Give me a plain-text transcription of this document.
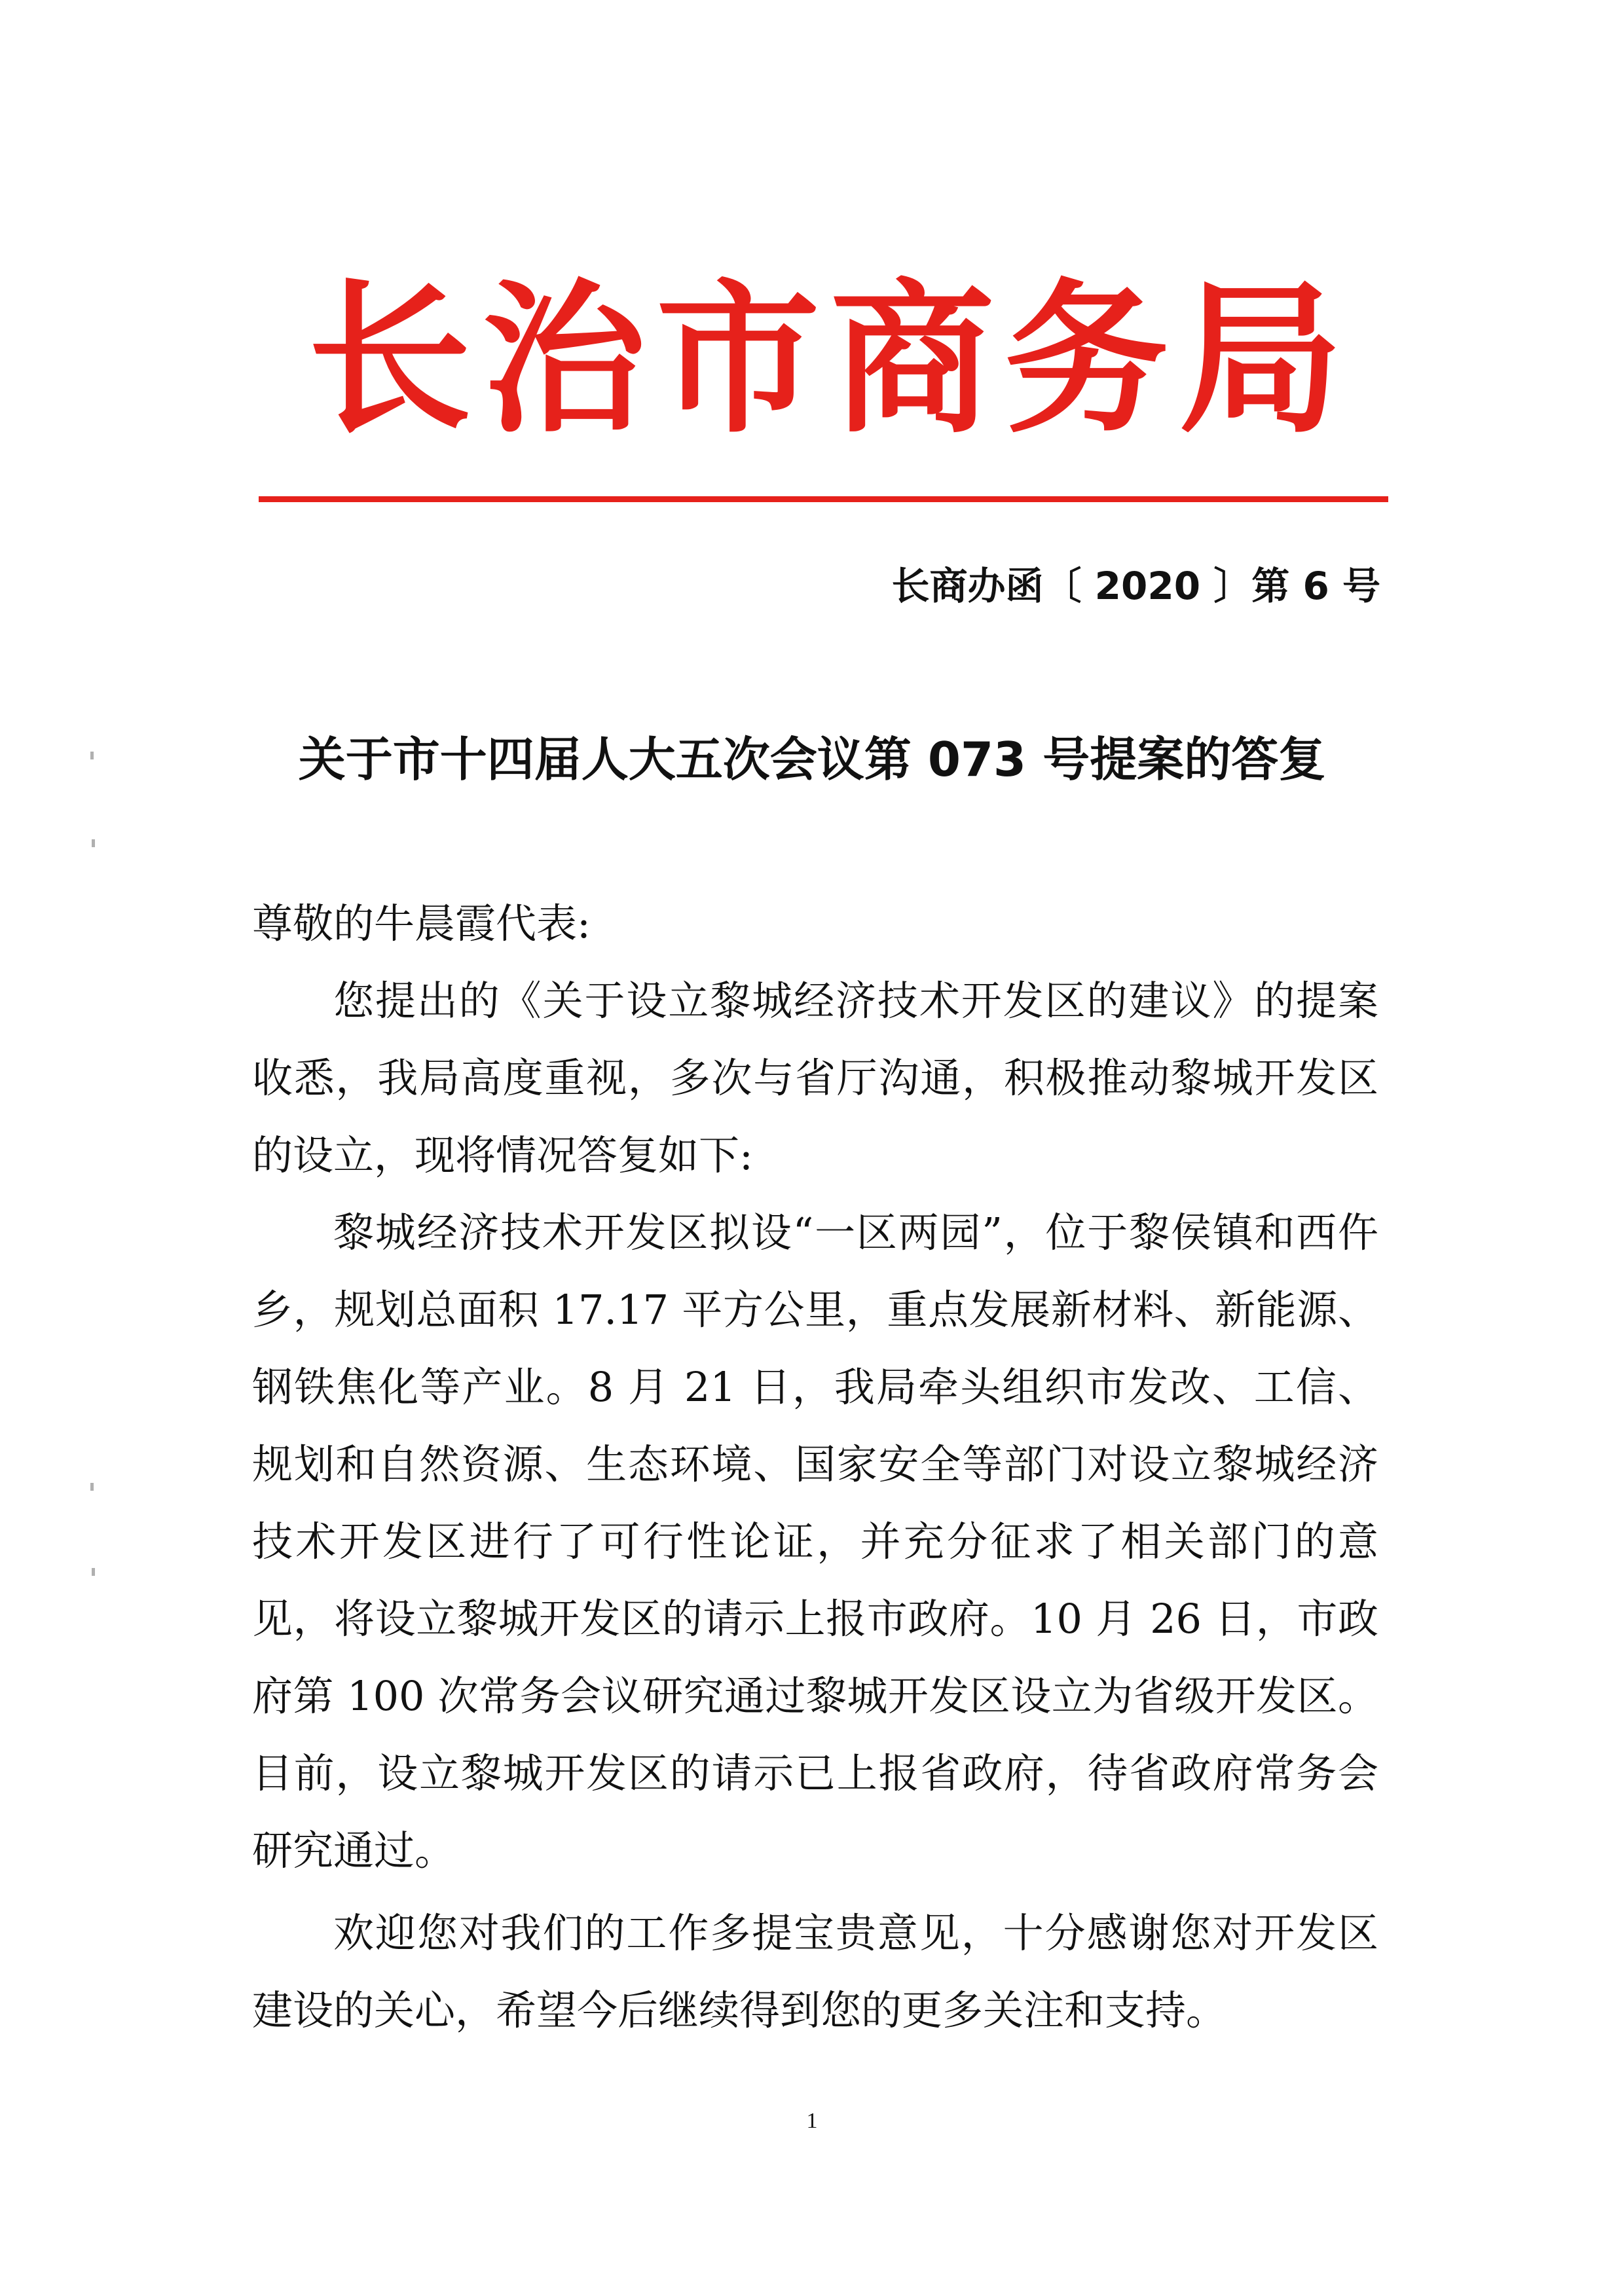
长 治 市 商 务 局
长商办函〔 2020 〕第 6 号
关于市十四届人大五次会议第 073 号提案的答复

尊敬的牛晨霞代表:

您提出的《关于设立黎城经济技术开发区的建议》的提案收悉，我局高度重视，多次与省厅沟通，积极推动黎城开发区的设立，现将情况答复如下:

黎城经济技术开发区拟设“一区两园”，位于黎侯镇和西仵乡，规划总面积 17.17 平方公里，重点发展新材料、新能源、钢铁焦化等产业。8 月 21 日，我局牵头组织市发改、工信、规划和自然资源、生态环境、国家安全等部门对设立黎城经济技术开发区进行了可行性论证，并充分征求了相关部门的意见，将设立黎城开发区的请示上报市政府。10 月 26 日，市政府第 100 次常务会议研究通过黎城开发区设立为省级开发区。目前，设立黎城开发区的请示已上报省政府，待省政府常务会研究通过。

欢迎您对我们的工作多提宝贵意见，十分感谢您对开发区建设的关心，希望今后继续得到您的更多关注和支持。

1
